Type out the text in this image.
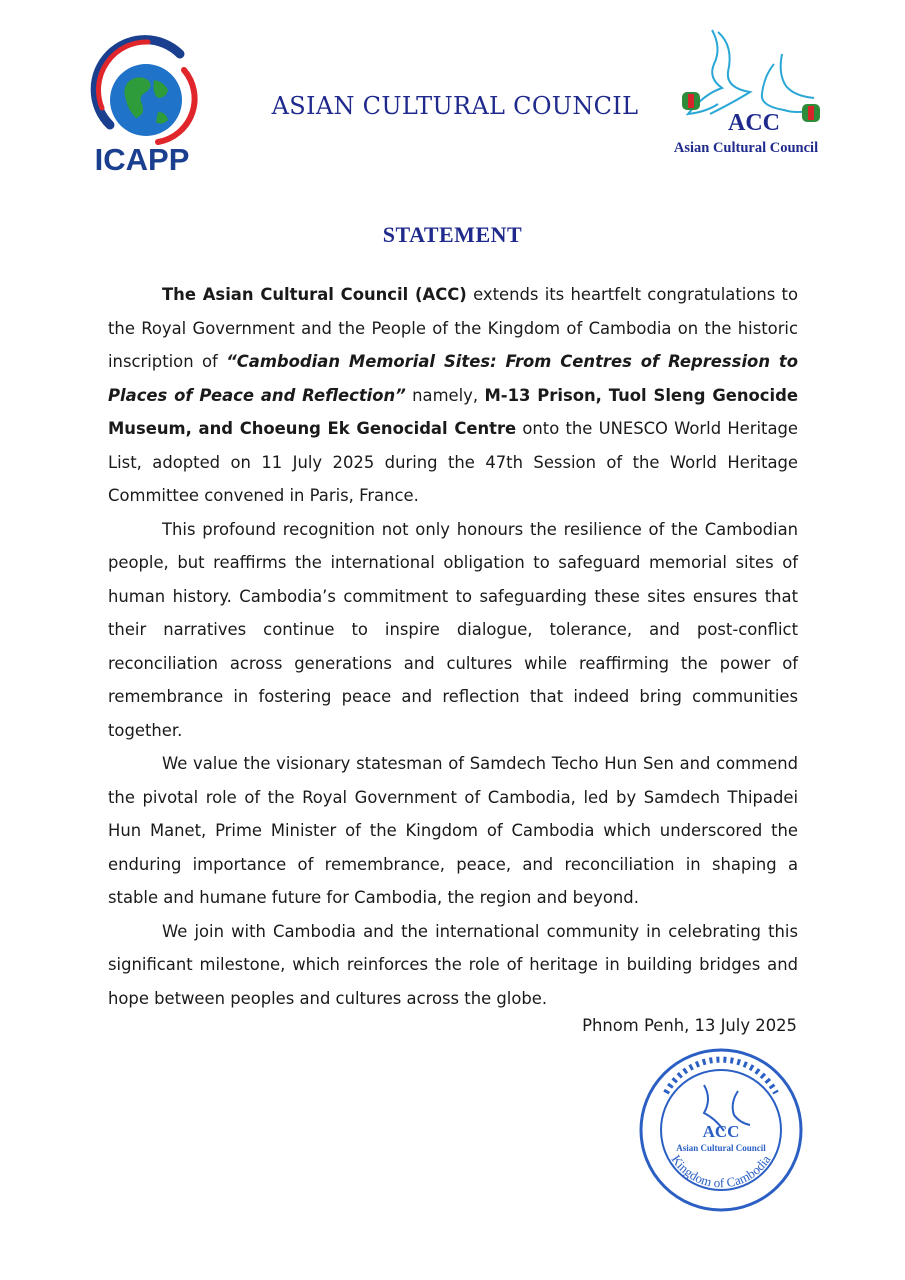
ICAPP
ASIAN CULTURAL COUNCIL
ACC
Asian Cultural Council
STATEMENT

The Asian Cultural Council (ACC) extends its heartfelt congratulations to the Royal Government and the People of the Kingdom of Cambodia on the historic inscription of “Cambodian Memorial Sites: From Centres of Repression to Places of Peace and Reflection” namely, M-13 Prison, Tuol Sleng Genocide Museum, and Choeung Ek Genocidal Centre onto the UNESCO World Heritage List, adopted on 11 July 2025 during the 47th Session of the World Heritage Committee convened in Paris, France.

This profound recognition not only honours the resilience of the Cambodian people, but reaffirms the international obligation to safeguard memorial sites of human history. Cambodia’s commitment to safeguarding these sites ensures that their narratives continue to inspire dialogue, tolerance, and post-conflict reconciliation across generations and cultures while reaffirming the power of remembrance in fostering peace and reflection that indeed bring communities together.

We value the visionary statesman of Samdech Techo Hun Sen and commend the pivotal role of the Royal Government of Cambodia, led by Samdech Thipadei Hun Manet, Prime Minister of the Kingdom of Cambodia which underscored the enduring importance of remembrance, peace, and reconciliation in shaping a stable and humane future for Cambodia, the region and beyond.

We join with Cambodia and the international community in celebrating this significant milestone, which reinforces the role of heritage in building bridges and hope between peoples and cultures across the globe.

Phnom Penh, 13 July 2025
ACC
Asian Cultural Council
Kingdom of Cambodia
